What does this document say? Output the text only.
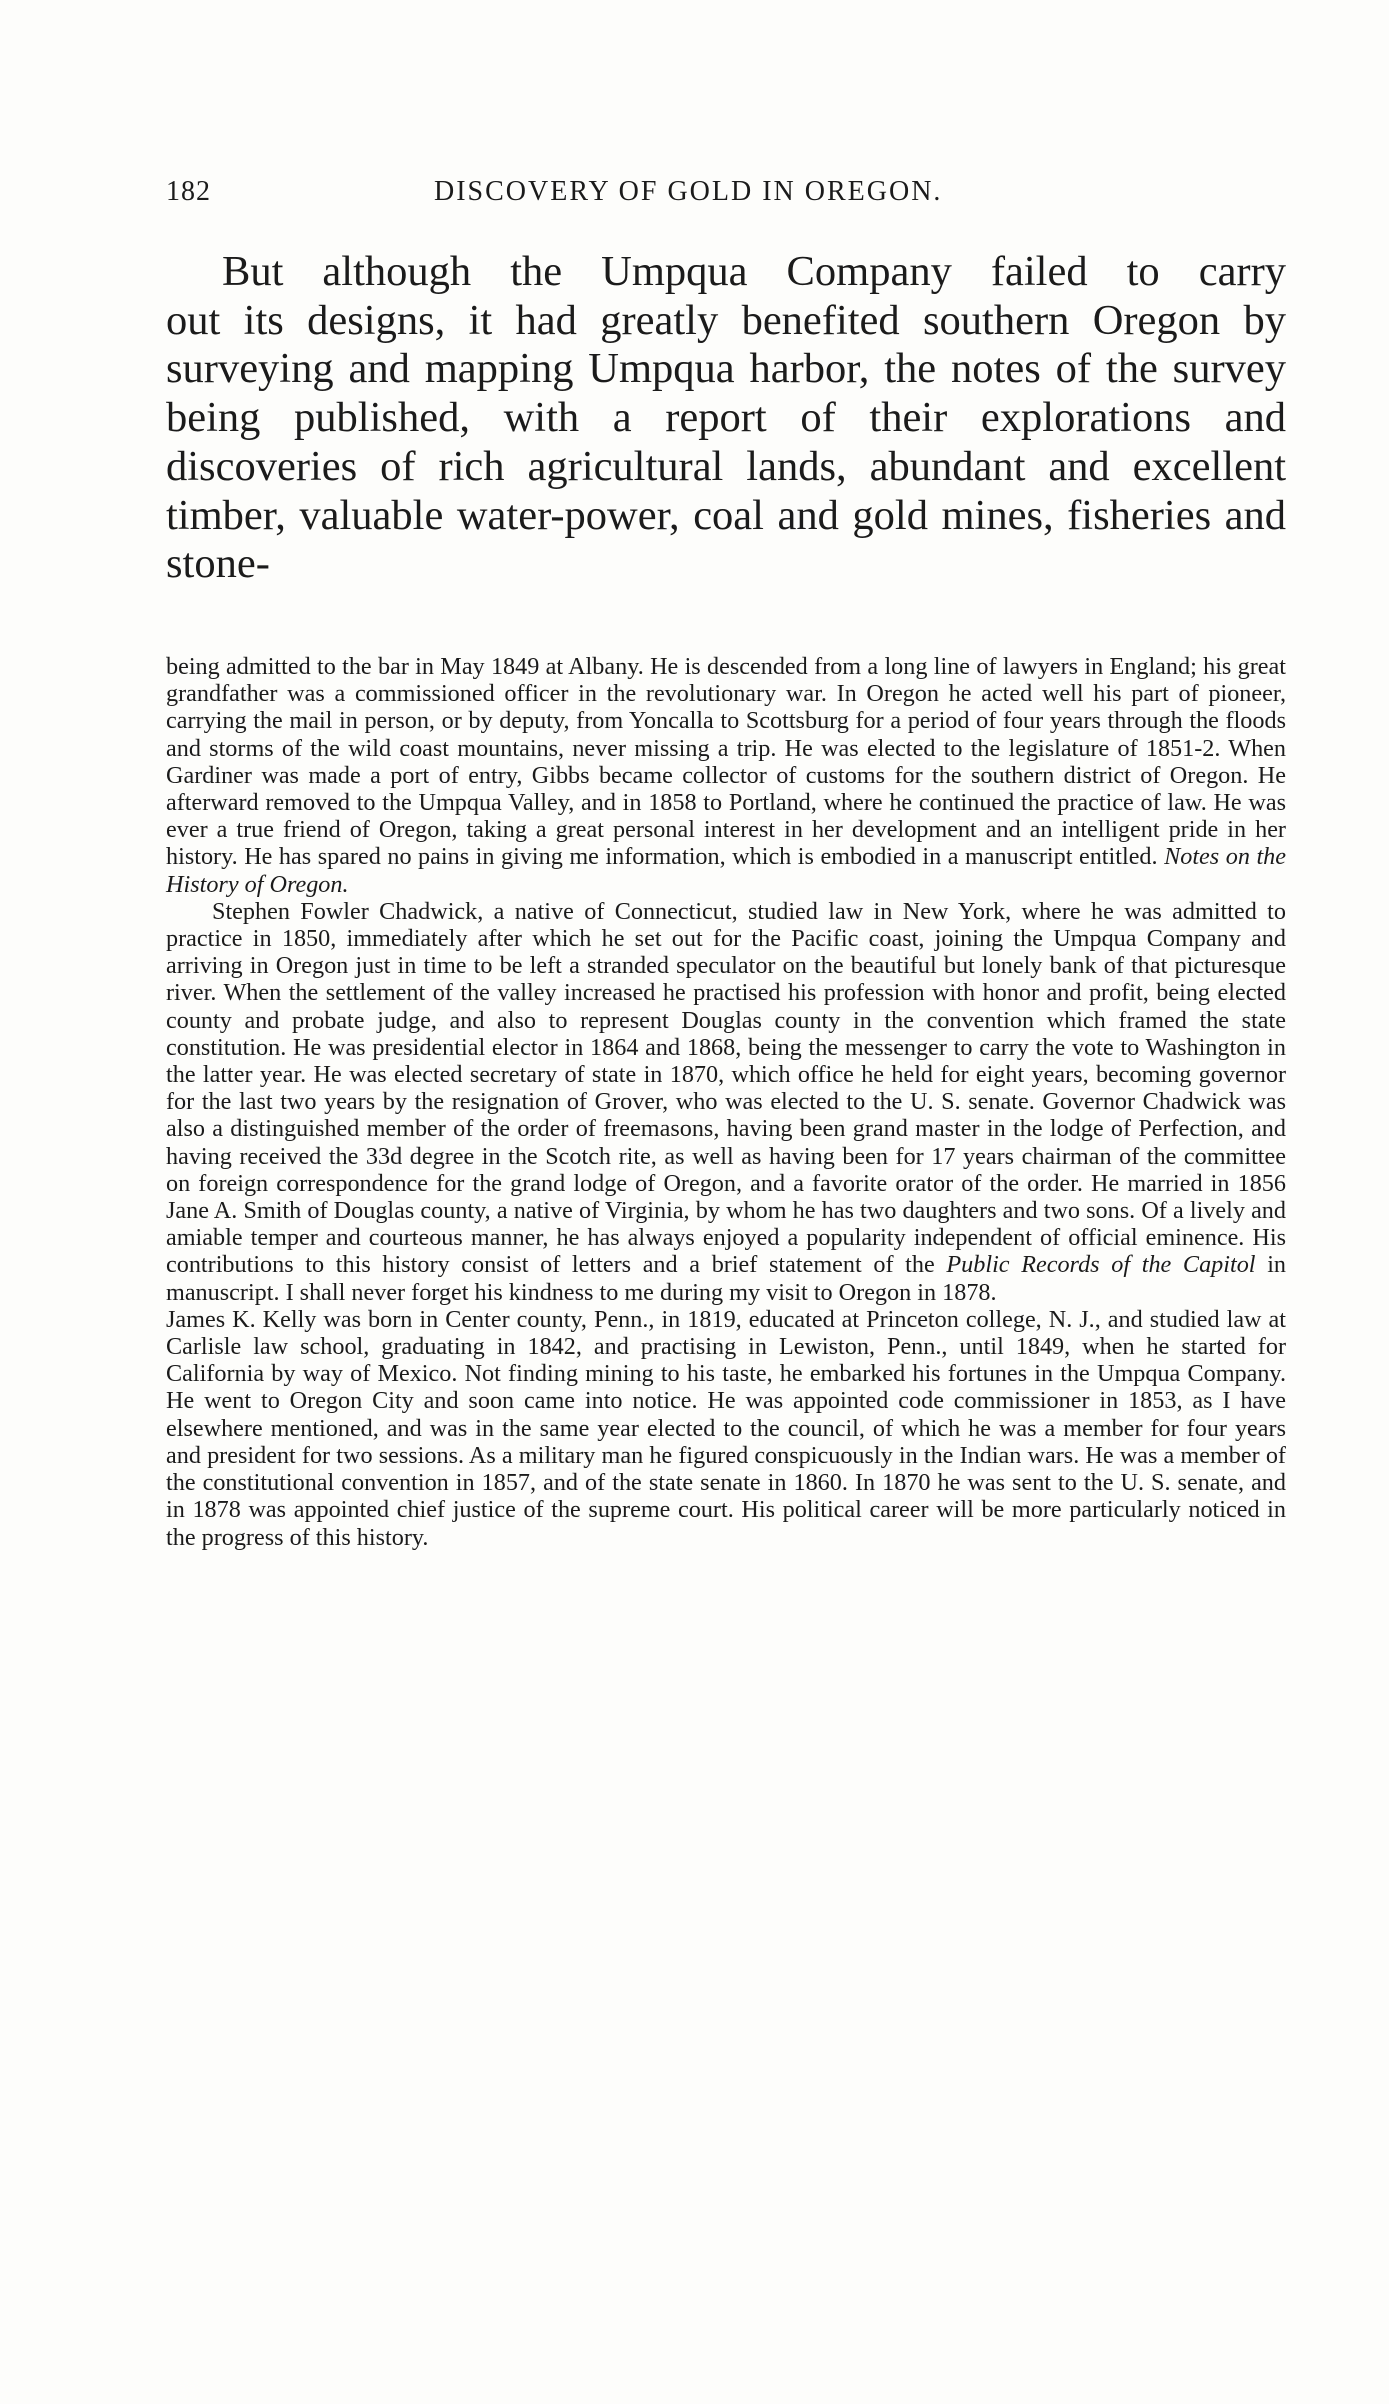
182	DISCOVERY OF GOLD IN OREGON.

But although the Umpqua Company failed to carry
out its designs, it had greatly benefited southern Oregon by surveying and mapping Umpqua harbor, the notes of the survey being published, with a report of their explorations and discoveries of rich agricultural lands, abundant and excellent timber, valuable water-power, coal and gold mines, fisheries and stone-

being admitted to the bar in May 1849 at Albany. He is descended from a long line of lawyers in England; his great grandfather was a commissioned officer in the revolutionary war. In Oregon he acted well his part of pioneer, carrying the mail in person, or by deputy, from Yoncalla to Scottsburg for a period of four years through the floods and storms of the wild coast mountains, never missing a trip. He was elected to the legislature of 1851-2. When Gardiner was made a port of entry, Gibbs became collector of customs for the southern district of Oregon. He afterward removed to the Umpqua Valley, and in 1858 to Portland, where he continued the practice of law. He was ever a true friend of Oregon, taking a great personal interest in her development and an intelligent pride in her history. He has spared no pains in giving me information, which is embodied in a manuscript entitled. Notes on the History of Oregon.

Stephen Fowler Chadwick, a native of Connecticut, studied law in New York, where he was admitted to practice in 1850, immediately after which he set out for the Pacific coast, joining the Umpqua Company and arriving in Oregon just in time to be left a stranded speculator on the beautiful but lonely bank of that picturesque river. When the settlement of the valley increased he practised his profession with honor and profit, being elected county and probate judge, and also to represent Douglas county in the convention which framed the state constitution. He was presidential elector in 1864 and 1868, being the messenger to carry the vote to Washington in the latter year. He was elected secretary of state in 1870, which office he held for eight years, becoming governor for the last two years by the resignation of Grover, who was elected to the U. S. senate. Governor Chadwick was also a distinguished member of the order of freemasons, having been grand master in the lodge of Perfection, and having received the 33d degree in the Scotch rite, as well as having been for 17 years chairman of the committee on foreign correspondence for the grand lodge of Oregon, and a favorite orator of the order. He married in 1856 Jane A. Smith of Douglas county, a native of Virginia, by whom he has two daughters and two sons. Of a lively and amiable temper and courteous manner, he has always enjoyed a popularity independent of official eminence. His contributions to this history consist of letters and a brief statement of the Public Records of the Capitol in manuscript. I shall never forget his kindness to me during my visit to Oregon in 1878.

James K. Kelly was born in Center county, Penn., in 1819, educated at Princeton college, N. J., and studied law at Carlisle law school, graduating in 1842, and practising in Lewiston, Penn., until 1849, when he started for California by way of Mexico. Not finding mining to his taste, he embarked his fortunes in the Umpqua Company. He went to Oregon City and soon came into notice. He was appointed code commissioner in 1853, as I have elsewhere mentioned, and was in the same year elected to the council, of which he was a member for four years and president for two sessions. As a military man he figured conspicuously in the Indian wars. He was a member of the constitutional convention in 1857, and of the state senate in 1860. In 1870 he was sent to the U. S. senate, and in 1878 was appointed chief justice of the supreme court. His political career will be more particularly noticed in the progress of this history.
